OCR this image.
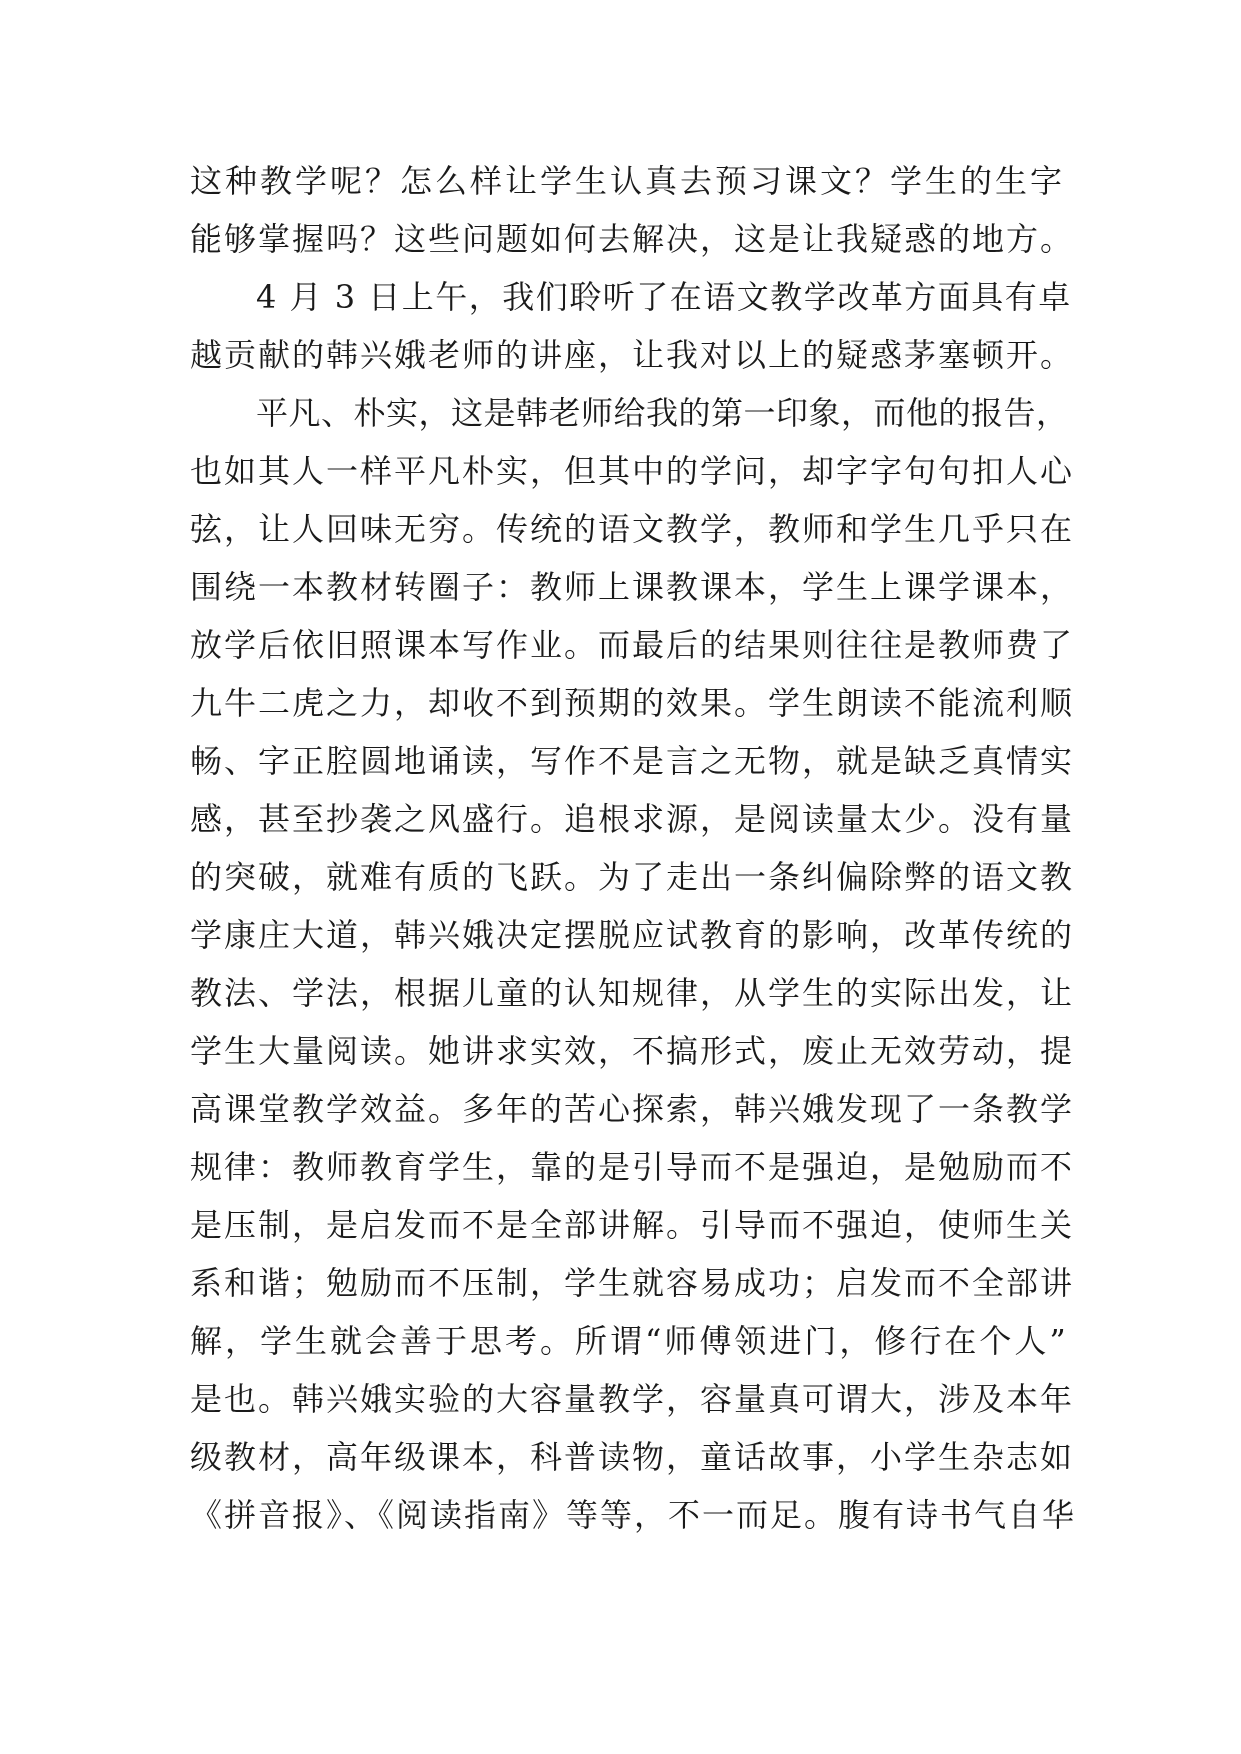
这种教学呢？怎么样让学生认真去预习课文？学生的生字
能够掌握吗？这些问题如何去解决，这是让我疑惑的地方。
4 月 3 日上午，我们聆听了在语文教学改革方面具有卓
越贡献的韩兴娥老师的讲座，让我对以上的疑惑茅塞顿开。
平凡、朴实，这是韩老师给我的第一印象，而他的报告，
也如其人一样平凡朴实，但其中的学问，却字字句句扣人心
弦，让人回味无穷。传统的语文教学，教师和学生几乎只在
围绕一本教材转圈子：教师上课教课本，学生上课学课本，
放学后依旧照课本写作业。而最后的结果则往往是教师费了
九牛二虎之力，却收不到预期的效果。学生朗读不能流利顺
畅、字正腔圆地诵读，写作不是言之无物，就是缺乏真情实
感，甚至抄袭之风盛行。追根求源，是阅读量太少。没有量
的突破，就难有质的飞跃。为了走出一条纠偏除弊的语文教
学康庄大道，韩兴娥决定摆脱应试教育的影响，改革传统的
教法、学法，根据儿童的认知规律，从学生的实际出发，让
学生大量阅读。她讲求实效，不搞形式，废止无效劳动，提
高课堂教学效益。多年的苦心探索，韩兴娥发现了一条教学
规律：教师教育学生，靠的是引导而不是强迫，是勉励而不
是压制，是启发而不是全部讲解。引导而不强迫，使师生关
系和谐；勉励而不压制，学生就容易成功；启发而不全部讲
解，学生就会善于思考。所谓“师傅领进门，修行在个人”
是也。韩兴娥实验的大容量教学，容量真可谓大，涉及本年
级教材，高年级课本，科普读物，童话故事，小学生杂志如
《拼音报》、《阅读指南》等等，不一而足。腹有诗书气自华
